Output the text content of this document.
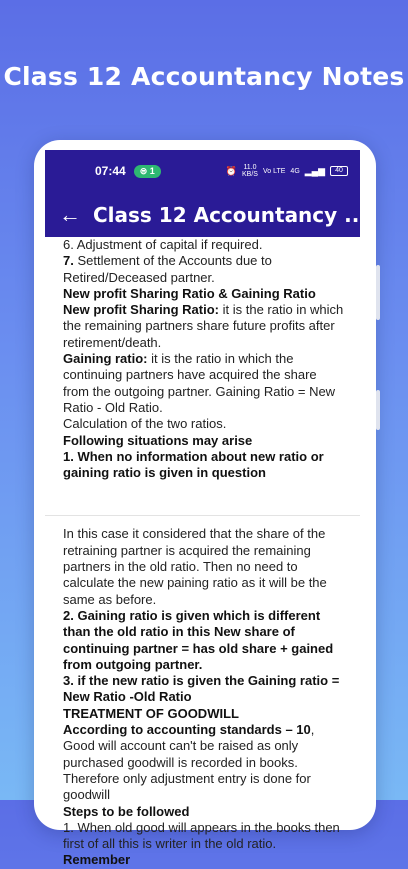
Class 12 Accountancy Notes
07:44	⊜ 1	⏰ 11.0
KB/S Vo LTE 4G ▂▄▆	40
← Class 12 Accountancy ...

6. Adjustment of capital if required.

7. Settlement of the Accounts due to Retired/Deceased partner.

New profit Sharing Ratio & Gaining Ratio

New profit Sharing Ratio: it is the ratio in which the remaining partners share future profits after retirement/death.

Gaining ratio: it is the ratio in which the continuing partners have acquired the share from the outgoing partner. Gaining Ratio = New Ratio - Old Ratio.

Calculation of the two ratios.

Following situations may arise

1. When no information about new ratio or gaining ratio is given in question

In this case it considered that the share of the retraining partner is acquired the remaining partners in the old ratio. Then no need to calculate the new paining ratio as it will be the same as before.

2. Gaining ratio is given which is different than the old ratio in this New share of continuing partner = has old share + gained from outgoing partner.

3. if the new ratio is given the Gaining ratio = New Ratio -Old Ratio

TREATMENT OF GOODWILL

According to accounting standards – 10, Good will account can't be raised as only purchased goodwill is recorded in books. Therefore only adjustment entry is done for goodwill

Steps to be followed

1. When old good will appears in the books then first of all this is writer in the old ratio. Remember
